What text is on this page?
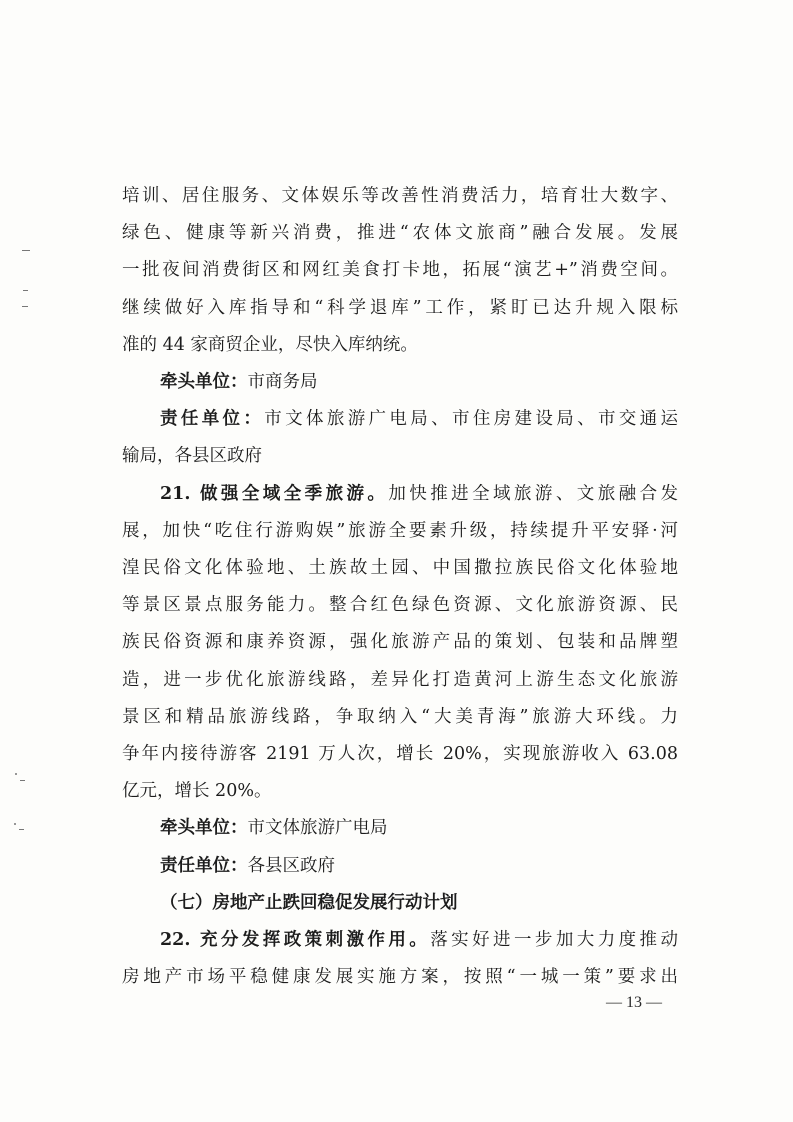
培训、居住服务、文体娱乐等改善性消费活力，培育壮大数字、

绿色、健康等新兴消费，推进“农体文旅商”融合发展。发展

一批夜间消费街区和网红美食打卡地，拓展“演艺+”消费空间。

继续做好入库指导和“科学退库”工作，紧盯已达升规入限标

准的 44 家商贸企业，尽快入库纳统。

牵头单位：市商务局

责任单位：市文体旅游广电局、市住房建设局、市交通运

输局，各县区政府

21. 做强全域全季旅游。加快推进全域旅游、文旅融合发

展，加快“吃住行游购娱”旅游全要素升级，持续提升平安驿·河

湟民俗文化体验地、土族故土园、中国撒拉族民俗文化体验地

等景区景点服务能力。整合红色绿色资源、文化旅游资源、民

族民俗资源和康养资源，强化旅游产品的策划、包装和品牌塑

造，进一步优化旅游线路，差异化打造黄河上游生态文化旅游

景区和精品旅游线路，争取纳入“大美青海”旅游大环线。力

争年内接待游客 2191 万人次，增长 20%，实现旅游收入 63.08

亿元，增长 20%。

牵头单位：市文体旅游广电局

责任单位：各县区政府

（七）房地产止跌回稳促发展行动计划

22. 充分发挥政策刺激作用。落实好进一步加大力度推动

房地产市场平稳健康发展实施方案，按照“一城一策”要求出

— 13 —
